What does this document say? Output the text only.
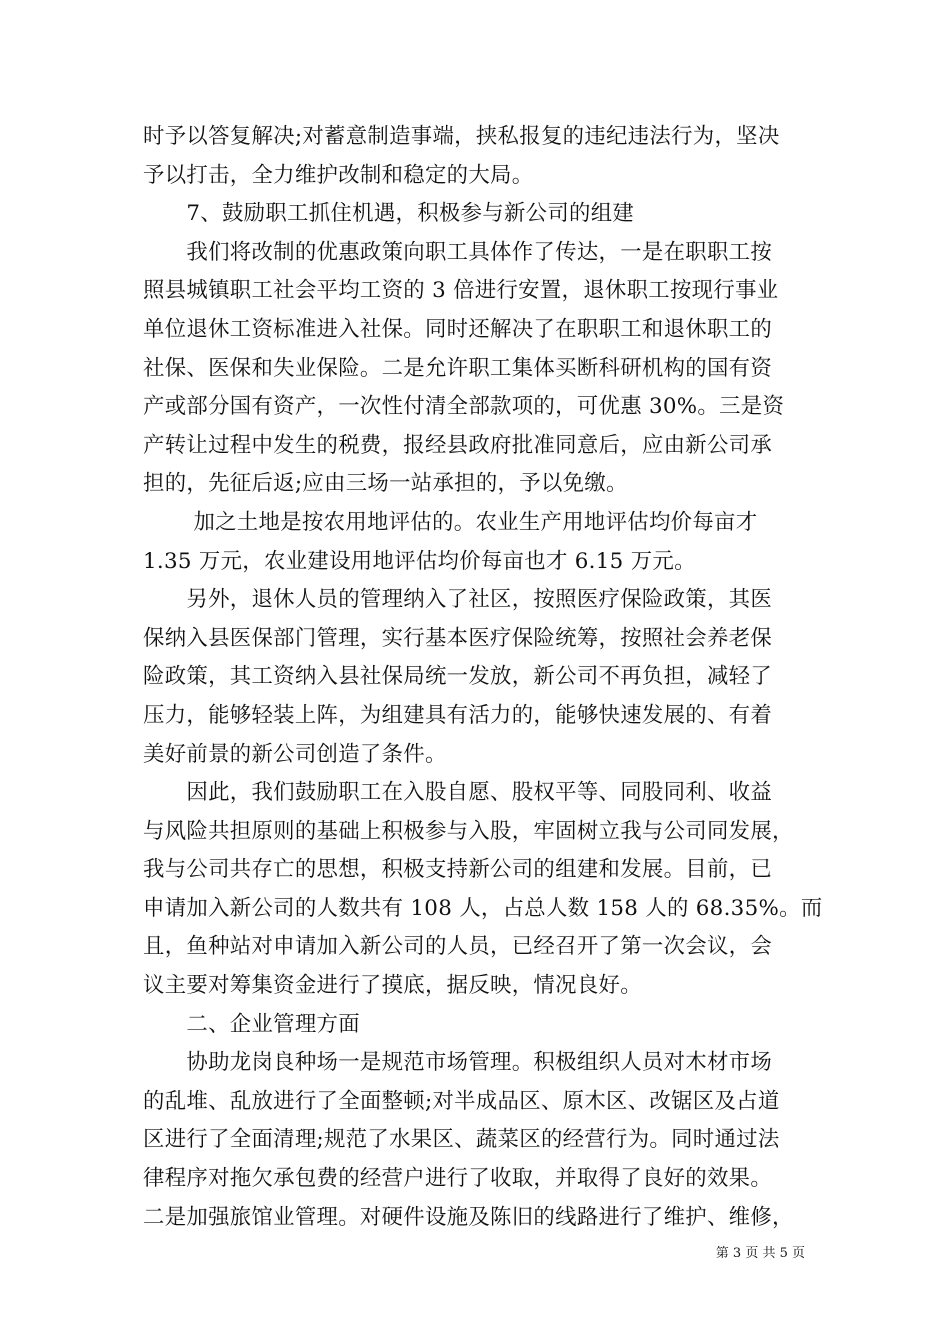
时予以答复解决;对蓄意制造事端，挟私报复的违纪违法行为，坚决
予以打击，全力维护改制和稳定的大局。
　　7、鼓励职工抓住机遇，积极参与新公司的组建
　　我们将改制的优惠政策向职工具体作了传达，一是在职职工按
照县城镇职工社会平均工资的 3 倍进行安置，退休职工按现行事业
单位退休工资标准进入社保。同时还解决了在职职工和退休职工的
社保、医保和失业保险。二是允许职工集体买断科研机构的国有资
产或部分国有资产，一次性付清全部款项的，可优惠 30%。三是资
产转让过程中发生的税费，报经县政府批准同意后，应由新公司承
担的，先征后返;应由三场一站承担的，予以免缴。
　　 加之土地是按农用地评估的。农业生产用地评估均价每亩才
1.35 万元，农业建设用地评估均价每亩也才 6.15 万元。
　　另外，退休人员的管理纳入了社区，按照医疗保险政策，其医
保纳入县医保部门管理，实行基本医疗保险统筹，按照社会养老保
险政策，其工资纳入县社保局统一发放，新公司不再负担，减轻了
压力，能够轻装上阵，为组建具有活力的，能够快速发展的、有着
美好前景的新公司创造了条件。
　　因此，我们鼓励职工在入股自愿、股权平等、同股同利、收益
与风险共担原则的基础上积极参与入股，牢固树立我与公司同发展，
我与公司共存亡的思想，积极支持新公司的组建和发展。目前，已
申请加入新公司的人数共有 108 人，占总人数 158 人的 68.35%。而
且，鱼种站对申请加入新公司的人员，已经召开了第一次会议，会
议主要对筹集资金进行了摸底，据反映，情况良好。
　　二、企业管理方面
　　协助龙岗良种场一是规范市场管理。积极组织人员对木材市场
的乱堆、乱放进行了全面整顿;对半成品区、原木区、改锯区及占道
区进行了全面清理;规范了水果区、蔬菜区的经营行为。同时通过法
律程序对拖欠承包费的经营户进行了收取，并取得了良好的效果。
二是加强旅馆业管理。对硬件设施及陈旧的线路进行了维护、维修，
第 3 页 共 5 页
